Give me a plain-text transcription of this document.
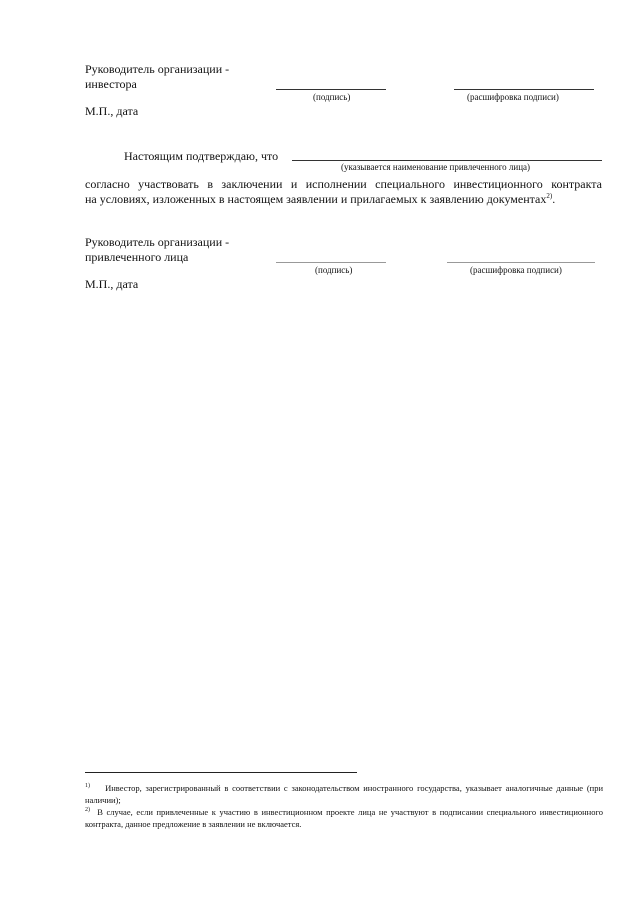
Руководитель организации -
инвестора
(подпись)	(расшифровка подписи)
М.П., дата
Настоящим подтверждаю, что
(указывается наименование привлеченного лица)
согласно участвовать в заключении и исполнении специального инвестиционного контракта
на условиях, изложенных в настоящем заявлении и прилагаемых к заявлению документах$^{2)}$.
Руководитель организации -
привлеченного лица
(подпись)	(расшифровка подписи)
М.П., дата
$^{1)}$ Инвестор, зарегистрированный в соответствии с законодательством иностранного государства, указывает аналогичные данные (при наличии);
$^{2)}$ В случае, если привлеченные к участию в инвестиционном проекте лица не участвуют в подписании специального инвестиционного контракта, данное предложение в заявлении не включается.
